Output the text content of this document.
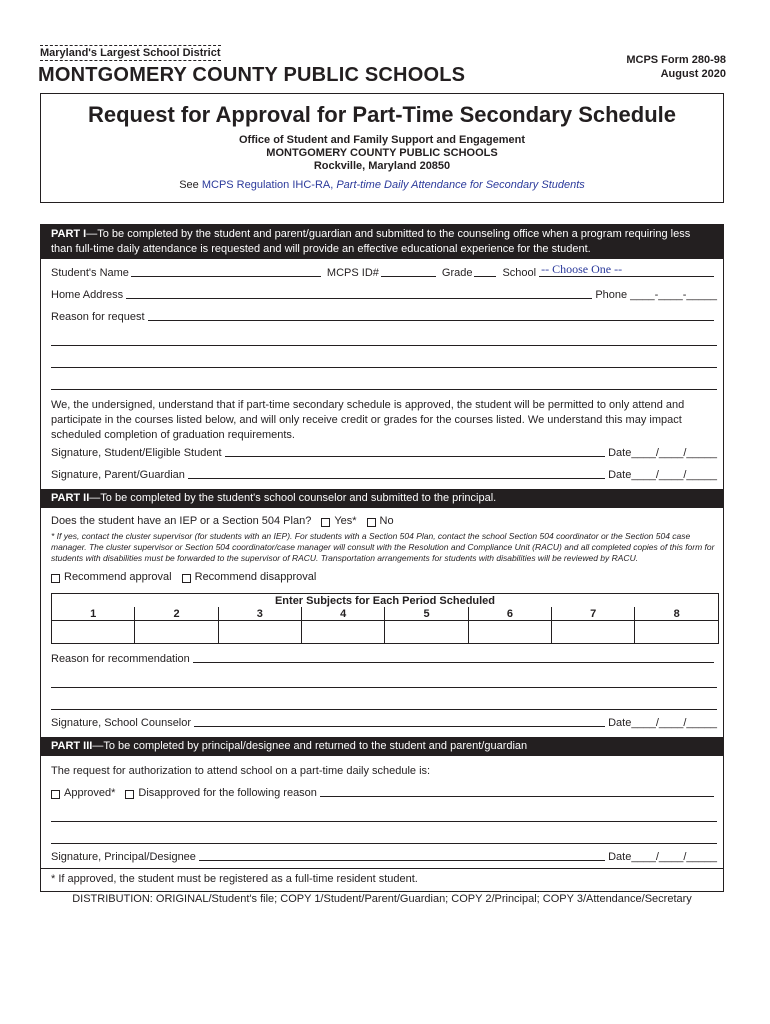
Maryland's Largest School District
MONTGOMERY COUNTY PUBLIC SCHOOLS
MCPS Form 280-98
August 2020
Request for Approval for Part-Time Secondary Schedule
Office of Student and Family Support and Engagement
MONTGOMERY COUNTY PUBLIC SCHOOLS
Rockville, Maryland 20850
See MCPS Regulation IHC-RA, Part-time Daily Attendance for Secondary Students
PART I—To be completed by the student and parent/guardian and submitted to the counseling office when a program requiring less than full-time daily attendance is requested and will provide an effective educational experience for the student.
Student's Name	MCPS ID#	Grade	School -- Choose One --
Home Address	Phone ____-____-_____
Reason for request
We, the undersigned, understand that if part-time secondary schedule is approved, the student will be permitted to only attend and participate in the courses listed below, and will only receive credit or grades for the courses listed. We understand this may impact scheduled completion of graduation requirements.
Signature, Student/Eligible Student	Date ____/____/_____
Signature, Parent/Guardian	Date ____/____/_____
PART II—To be completed by the student's school counselor and submitted to the principal.
Does the student have an IEP or a Section 504 Plan? Yes* No
* If yes, contact the cluster supervisor (for students with an IEP). For students with a Section 504 Plan, contact the school Section 504 coordinator or the Section 504 case manager. The cluster supervisor or Section 504 coordinator/case manager will consult with the Resolution and Compliance Unit (RACU) and all completed copies of this form for students with disabilities must be forwarded to the supervisor of RACU. Transportation arrangements for students with disabilities will be reviewed by RACU.
Recommend approval Recommend disapproval
Enter Subjects for Each Period Scheduled							
1	2	3	4	5	6	7	8

Reason for recommendation
Signature, School Counselor	Date ____/____/_____
PART III—To be completed by principal/designee and returned to the student and parent/guardian
The request for authorization to attend school on a part-time daily schedule is:
Approved* Disapproved for the following reason
Signature, Principal/Designee	Date ____/____/_____
* If approved, the student must be registered as a full-time resident student.
DISTRIBUTION: ORIGINAL/Student's file; COPY 1/Student/Parent/Guardian; COPY 2/Principal; COPY 3/Attendance/Secretary
